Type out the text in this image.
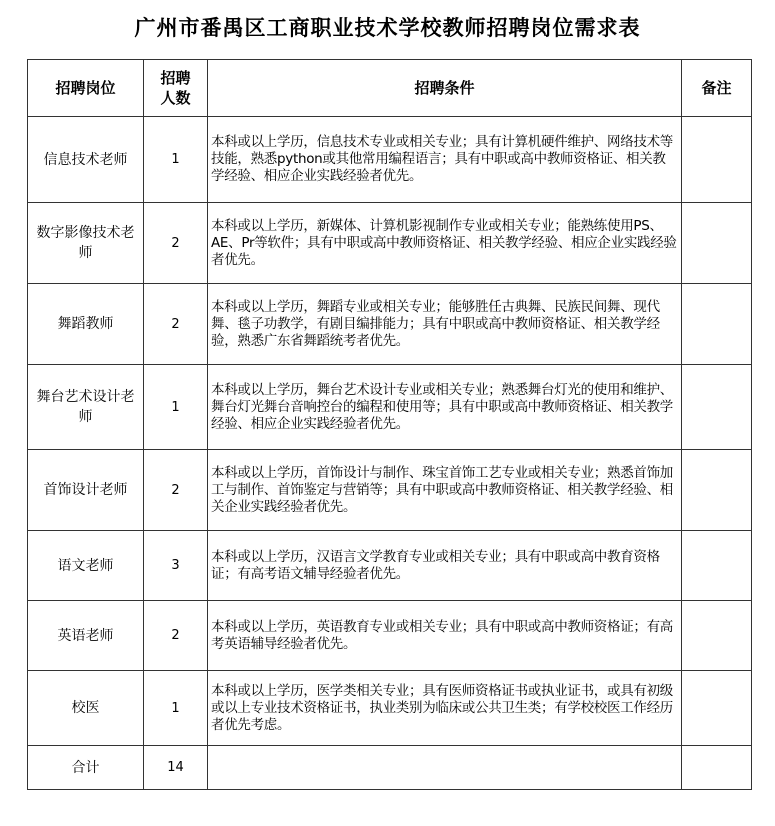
广州市番禺区工商职业技术学校教师招聘岗位需求表
招聘岗位	招聘人数	招聘条件	备注
信息技术老师	1	本科或以上学历，信息技术专业或相关专业；具有计算机硬件维护、网络技术等技能，熟悉python或其他常用编程语言；具有中职或高中教师资格证、相关教学经验、相应企业实践经验者优先。	
数字影像技术老师	2	本科或以上学历，新媒体、计算机影视制作专业或相关专业；能熟练使用PS、AE、Pr等软件；具有中职或高中教师资格证、相关教学经验、相应企业实践经验者优先。	
舞蹈教师	2	本科或以上学历，舞蹈专业或相关专业；能够胜任古典舞、民族民间舞、现代舞、毯子功教学，有剧目编排能力；具有中职或高中教师资格证、相关教学经验，熟悉广东省舞蹈统考者优先。	
舞台艺术设计老师	1	本科或以上学历，舞台艺术设计专业或相关专业；熟悉舞台灯光的使用和维护、舞台灯光舞台音响控台的编程和使用等；具有中职或高中教师资格证、相关教学经验、相应企业实践经验者优先。	
首饰设计老师	2	本科或以上学历，首饰设计与制作、珠宝首饰工艺专业或相关专业；熟悉首饰加工与制作、首饰鉴定与营销等；具有中职或高中教师资格证、相关教学经验、相关企业实践经验者优先。	
语文老师	3	本科或以上学历，汉语言文学教育专业或相关专业；具有中职或高中教育资格证；有高考语文辅导经验者优先。	
英语老师	2	本科或以上学历，英语教育专业或相关专业；具有中职或高中教师资格证；有高考英语辅导经验者优先。	
校医	1	本科或以上学历，医学类相关专业；具有医师资格证书或执业证书，或具有初级或以上专业技术资格证书，执业类别为临床或公共卫生类；有学校校医工作经历者优先考虑。	
合计	14		
